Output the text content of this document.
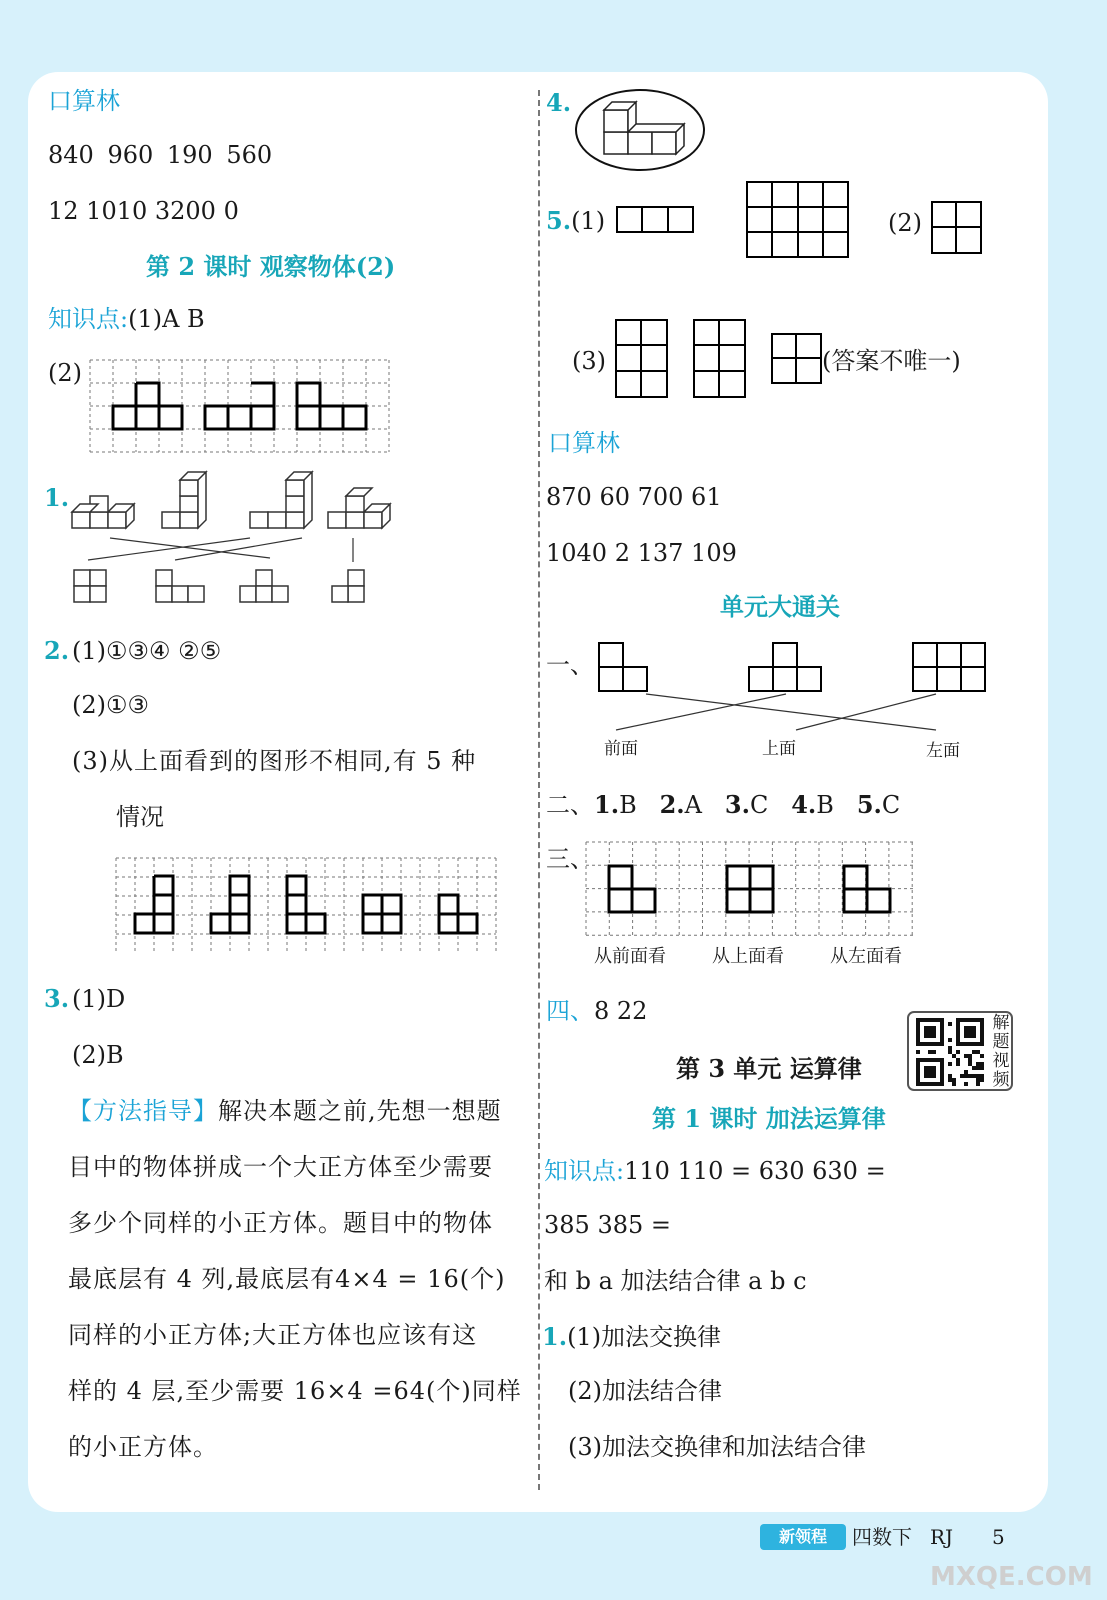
口算林
840 960 190 560
12 1010 3200 0
第 2 课时 观察物体(2)
知识点:(1)A B
(2)
1.
2. (1)①③④ ②⑤
(2)①③
(3)从上面看到的图形不相同,有 5 种
情况
3. (1)D
(2)B
【方法指导】解决本题之前,先想一想题
目中的物体拼成一个大正方体至少需要
多少个同样的小正方体。题目中的物体
最底层有 4 列,最底层有4×4 = 16(个)
同样的小正方体;大正方体也应该有这
样的 4 层,至少需要 16×4 =64(个)同样
的小正方体。
4.
5.(1)	(2)
(3)	(答案不唯一)
口算林
870 60 700 61
1040 2 137 109
单元大通关
一、
前面	上面	左面
二、1.B 2.A 3.C 4.B 5.C
三、
从前面看	从上面看	从左面看
四、8 22	解题视频
第 3 单元 运算律
第 1 课时 加法运算律
知识点:110 110 = 630 630 =
385 385 =
和 b a 加法结合律 a b c
1.(1)加法交换律
(2)加法结合律
(3)加法交换律和加法结合律
新领程	四数下 RJ 5
MXQE.COM
